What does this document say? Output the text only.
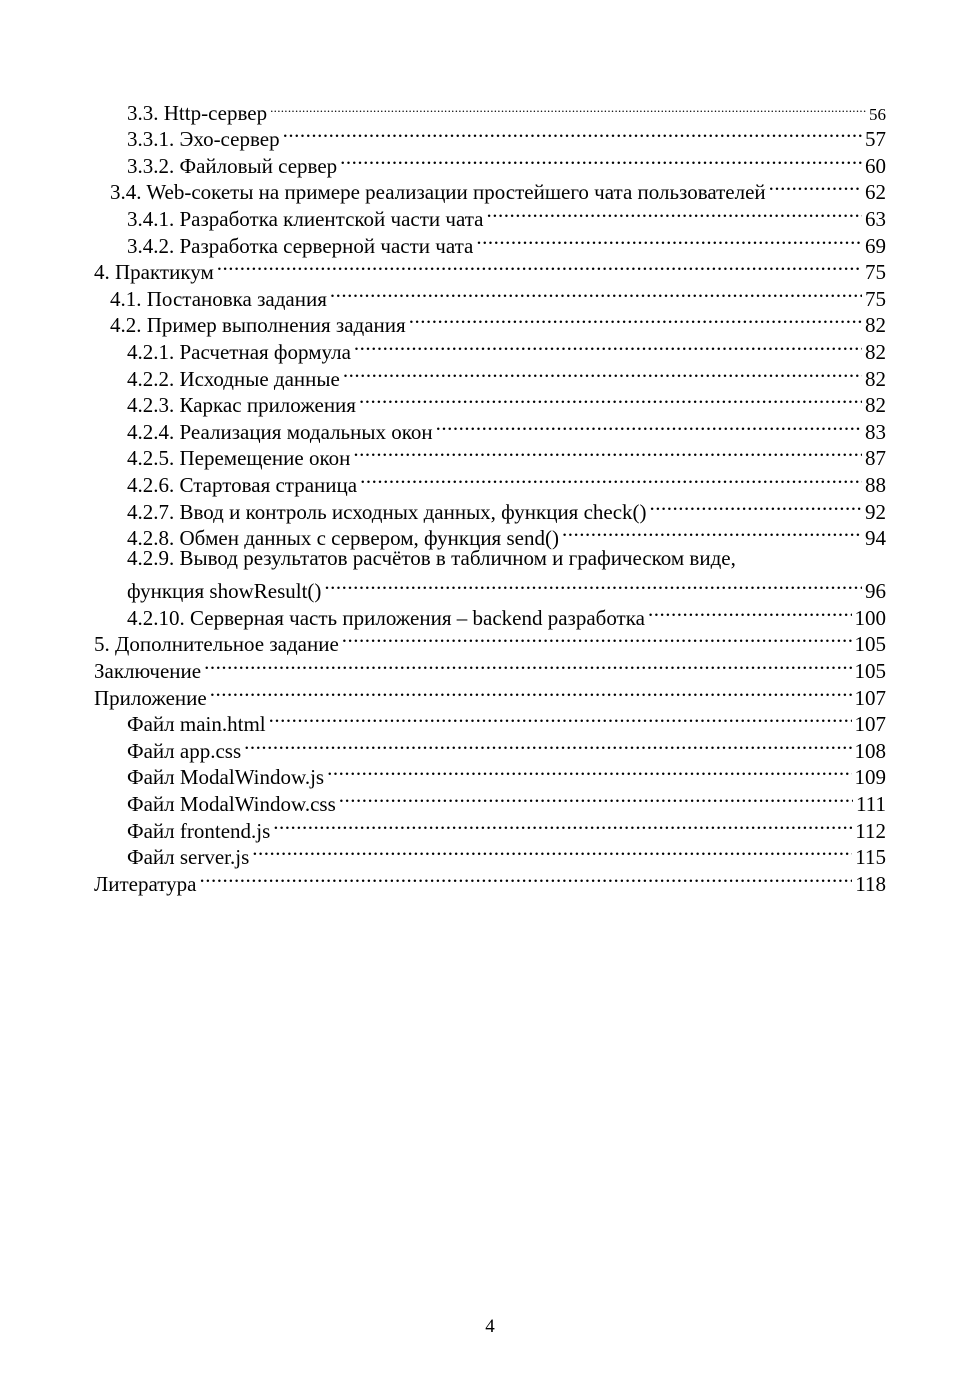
3.3. Http-сервер .....	56
3.3.1. Эхо-сервер .....	57
3.3.2. Файловый сервер .....	60
3.4. Web-сокеты на примере реализации простейшего чата пользователей .....	62
3.4.1. Разработка клиентской части чата .....	63
3.4.2. Разработка серверной части чата .....	69
4. Практикум .....	75
4.1. Постановка задания .....	75
4.2. Пример выполнения задания .....	82
4.2.1. Расчетная формула .....	82
4.2.2. Исходные данные .....	82
4.2.3. Каркас приложения .....	82
4.2.4. Реализация модальных окон .....	83
4.2.5. Перемещение окон .....	87
4.2.6. Стартовая страница .....	88
4.2.7. Ввод и контроль исходных данных, функция check() .....	92
4.2.8. Обмен данных с сервером, функция send() .....	94
4.2.9. Вывод результатов расчётов в табличном и графическом виде,
функция showResult() .....	96
4.2.10. Серверная часть приложения – backend разработка .....	100
5. Дополнительное задание .....	105
Заключение .....	105
Приложение .....	107
Файл main.html .....	107
Файл app.css .....	108
Файл ModalWindow.js .....	109
Файл ModalWindow.css .....	111
Файл frontend.js .....	112
Файл server.js .....	115
Литература .....	118
4
